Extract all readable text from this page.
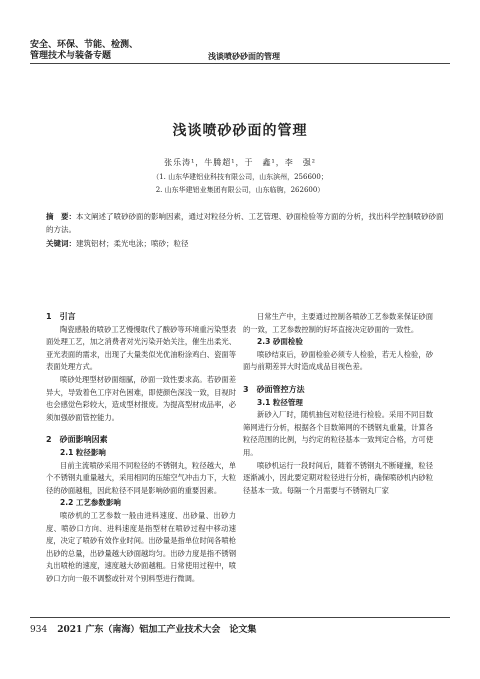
安全、环保、节能、检测、
管理技术与装备专题	浅谈喷砂砂面的管理
浅谈喷砂砂面的管理
张乐涛¹，牛腾超¹，于　鑫¹，李　强²
（1. 山东华建铝业科技有限公司，山东滨州，256600；
2. 山东华建铝业集团有限公司，山东临朐，262600）
摘　要：本文阐述了喷砂砂面的影响因素，通过对粒径分析、工艺管理、砂面检验等方面的分析，找出科学控制喷砂砂面的方法。
关键词：建筑铝材；柔光电泳；喷砂；粒径
1　引言

陶瓷感般的喷砂工艺慢慢取代了酸砂等环境重污染型表面处理工艺，加之消费者对光污染开始关注，催生出柔光、亚光表面的需求，出现了大量类似光优油粉涂鸡白、瓷面等表面处理方式。

喷砂处理型材砂面细腻，砂面一致性要求高。若砂面差异大，导致着色工序对色困难，即使颜色深浅一致，目视时也会感觉色彩较大，造成型材报废。为提高型材成品率，必须加强砂面管控能力。

2　砂面影响因素
2.1 粒径影响

目前主流喷砂采用不同粒径的不锈钢丸，粒径越大，单个不锈钢丸重量越大，采用相同的压缩空气冲击力下，大粒径的砂面越粗，因此粒径不同是影响砂面的重要因素。

2.2 工艺参数影响

喷砂机的工艺参数一般由进料速度、出砂量、出砂力度、喷砂口方向、进料速度是指型材在喷砂过程中移动速度，决定了喷砂有效作业时间。出砂量是指单位时间各喷枪出砂的总量，出砂量越大砂面越均匀。出砂力度是指不锈钢丸出喷枪的速度，速度越大砂面越粗。日常使用过程中，喷砂口方向一般不调整或针对个别料型进行微调。

日常生产中，主要通过控制各喷砂工艺参数来保证砂面的一致，工艺参数控制的好坏直接决定砂面的一致性。

2.3 砂面检验

喷砂结束后，砂面检验必须专人检验，若无人检验，砂面与前期差异大时造成成品目视色差。

3　砂面管控方法
3.1 粒径管理

新砂入厂时，随机抽包对粒径进行检验。采用不同目数筛网进行分析，根据各个目数筛网的不锈钢丸重量，计算各粒径范围的比例，与约定的粒径基本一致判定合格，方可使用。

喷砂机运行一段时间后，随着不锈钢丸不断碰撞，粒径逐渐减小，因此要定期对粒径进行分析，确保喷砂机内砂粒径基本一致。每隔一个月需要与不锈钢丸厂家

934 2021 广东（南海）铝加工产业技术大会　论文集
